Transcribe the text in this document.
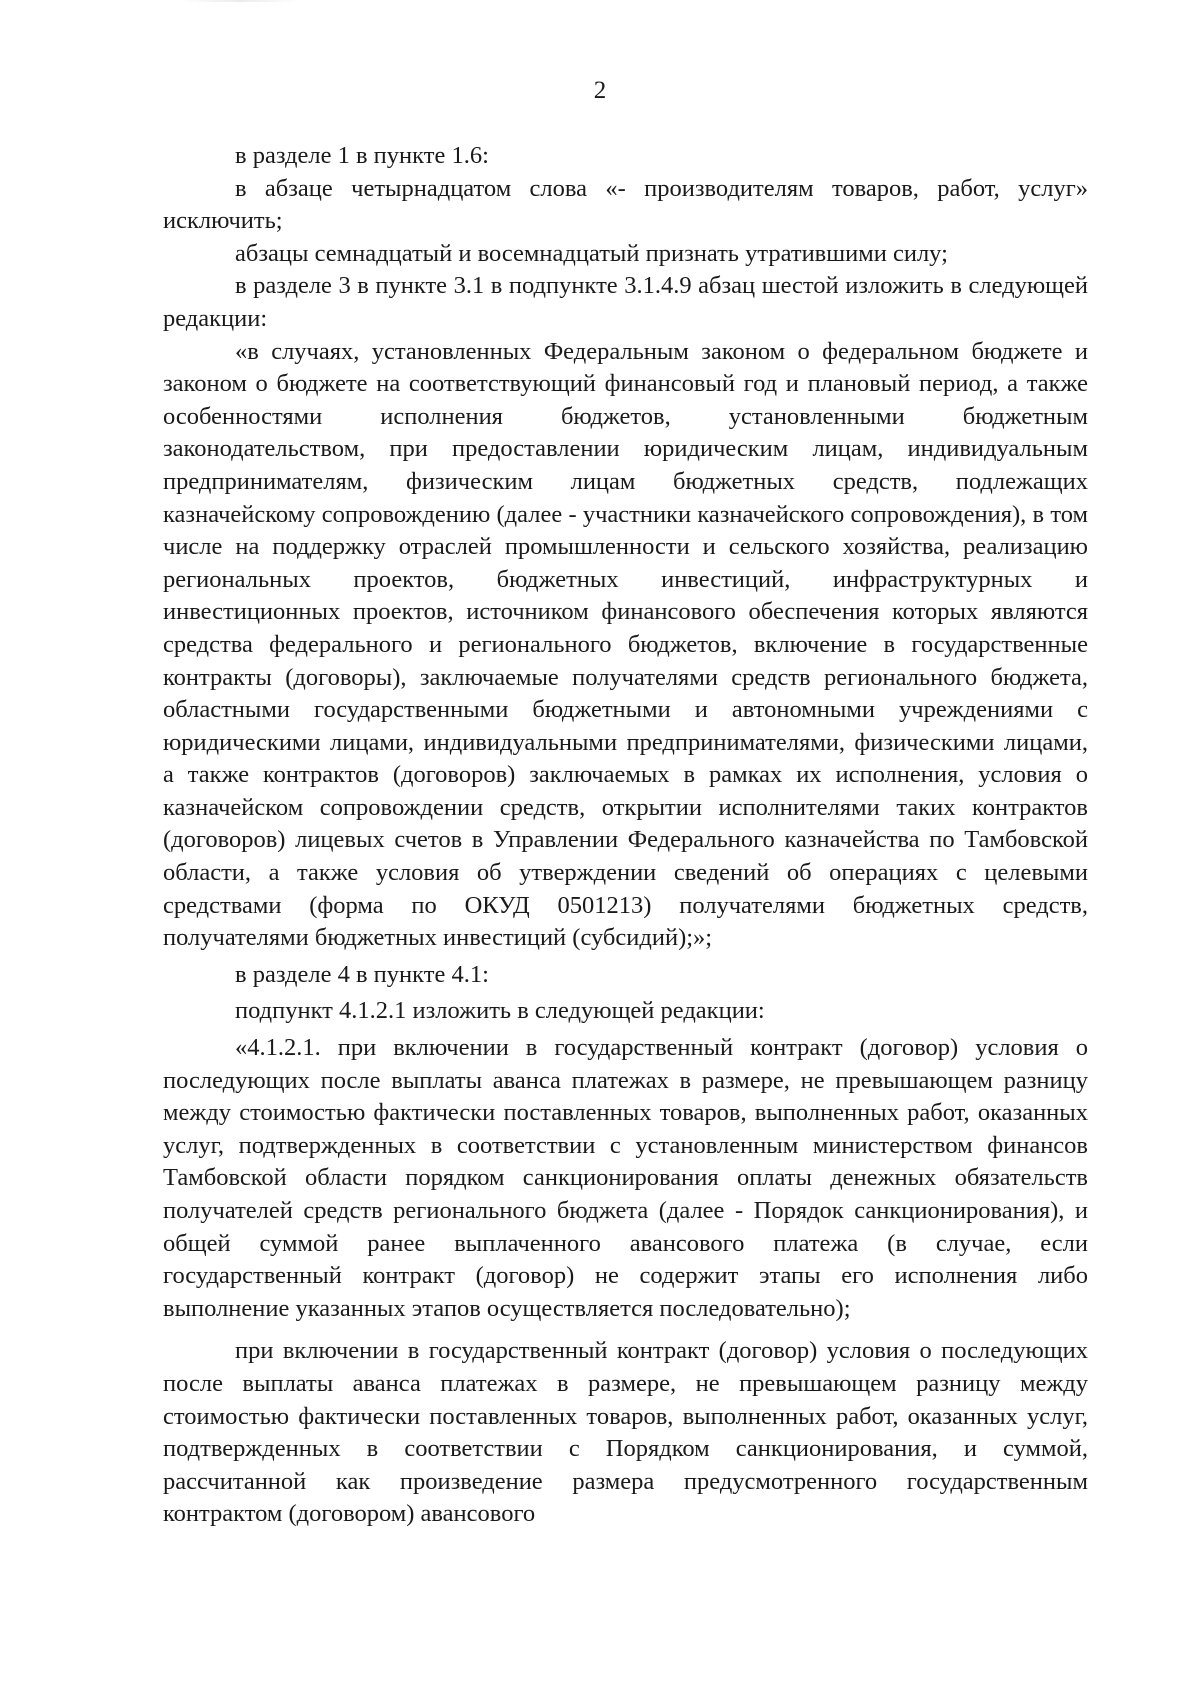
2

в разделе 1 в пункте 1.6:

в абзаце четырнадцатом слова «- производителям товаров, работ, услуг» исключить;

абзацы семнадцатый и восемнадцатый признать утратившими силу;

в разделе 3 в пункте 3.1 в подпункте 3.1.4.9 абзац шестой изложить в следующей редакции:

«в случаях, установленных Федеральным законом о федеральном бюджете и законом о бюджете на соответствующий финансовый год и плановый период, а также особенностями исполнения бюджетов, установленными бюджетным законодательством, при предоставлении юридическим лицам, индивидуальным предпринимателям, физическим лицам бюджетных средств, подлежащих казначейскому сопровождению (далее - участники казначейского сопровождения), в том числе на поддержку отраслей промышленности и сельского хозяйства, реализацию региональных проектов, бюджетных инвестиций, инфраструктурных и инвестиционных проектов, источником финансового обеспечения которых являются средства федерального и регионального бюджетов, включение в государственные контракты (договоры), заключаемые получателями средств регионального бюджета, областными государственными бюджетными и автономными учреждениями с юридическими лицами, индивидуальными предпринимателями, физическими лицами, а также контрактов (договоров) заключаемых в рамках их исполнения, условия о казначейском сопровождении средств, открытии исполнителями таких контрактов (договоров) лицевых счетов в Управлении Федерального казначейства по Тамбовской области, а также условия об утверждении сведений об операциях с целевыми средствами (форма по ОКУД 0501213) получателями бюджетных средств, получателями бюджетных инвестиций (субсидий);»;

в разделе 4 в пункте 4.1:

подпункт 4.1.2.1 изложить в следующей редакции:

«4.1.2.1. при включении в государственный контракт (договор) условия о последующих после выплаты аванса платежах в размере, не превышающем разницу между стоимостью фактически поставленных товаров, выполненных работ, оказанных услуг, подтвержденных в соответствии с установленным министерством финансов Тамбовской области порядком санкционирования оплаты денежных обязательств получателей средств регионального бюджета (далее - Порядок санкционирования), и общей суммой ранее выплаченного авансового платежа (в случае, если государственный контракт (договор) не содержит этапы его исполнения либо выполнение указанных этапов осуществляется последовательно);

при включении в государственный контракт (договор) условия о последующих после выплаты аванса платежах в размере, не превышающем разницу между стоимостью фактически поставленных товаров, выполненных работ, оказанных услуг, подтвержденных в соответствии с Порядком санкционирования, и суммой, рассчитанной как произведение размера предусмотренного государственным контрактом (договором) авансового
